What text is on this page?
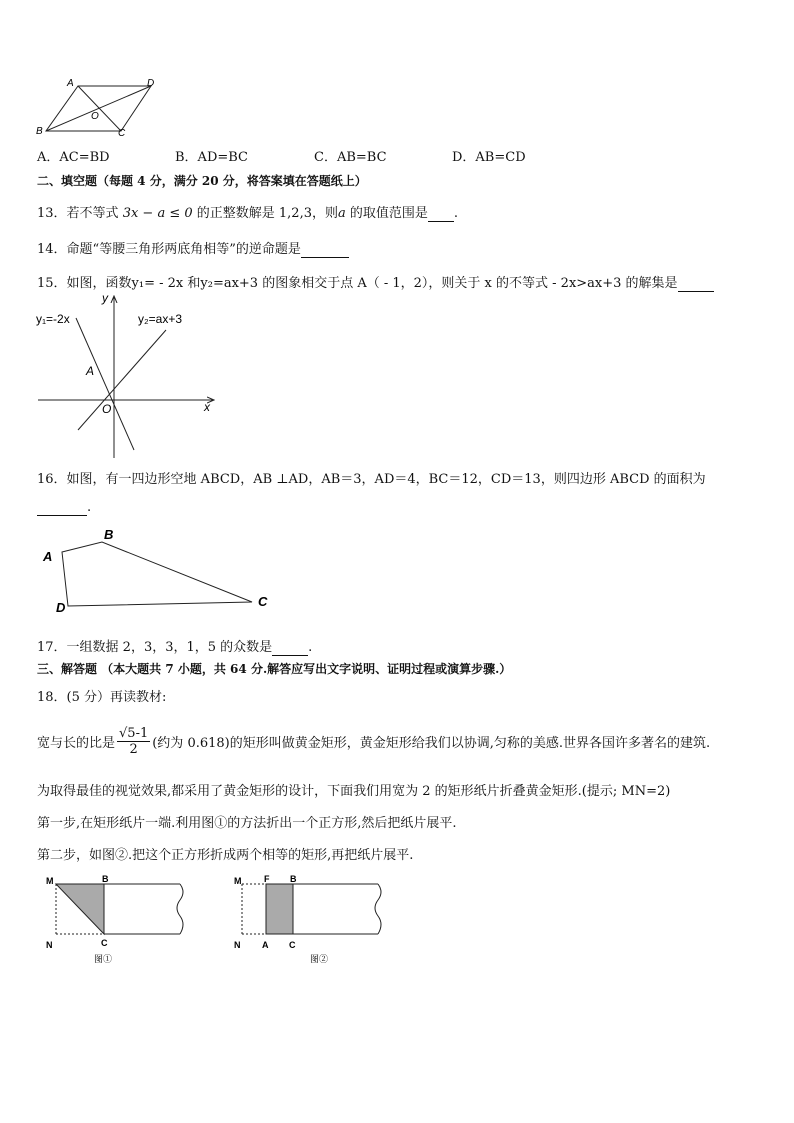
A	D
B	C
O
A．AC=BD	B．AD=BC	C．AB=BC	D．AB=CD
二、填空题（每题 4 分，满分 20 分，将答案填在答题纸上）
13．若不等式 3x − a ≤ 0 的正整数解是 1,2,3，则a 的取值范围是 .
14．命题“等腰三角形两底角相等”的逆命题是
15．如图，函数y₁= - 2x 和y₂=ax+3 的图象相交于点 A（ - 1，2），则关于 x 的不等式 - 2x>ax+3 的解集是
y₁=-2x	y₂=ax+3
A
O	x
y
16．如图，有一四边形空地 ABCD，AB ⊥AD，AB＝3，AD＝4，BC＝12，CD＝13，则四边形 ABCD 的面积为
.
A
B
C
D
17．一组数据 2，3，3，1，5 的众数是	.
三、解答题 （本大题共 7 小题，共 64 分.解答应写出文字说明、证明过程或演算步骤.）
18．(5 分）再读教材:
宽与长的比是 $\frac{√5-1}{2}$ (约为 0.618)的矩形叫做黄金矩形，黄金矩形给我们以协调,匀称的美感.世界各国许多著名的建筑.
为取得最佳的视觉效果,都采用了黄金矩形的设计，下面我们用宽为 2 的矩形纸片折叠黄金矩形.(提示; MN=2)
第一步,在矩形纸片一端.利用图①的方法折出一个正方形,然后把纸片展平.
第二步，如图②.把这个正方形折成两个相等的矩形,再把纸片展平.
M	B
N	C
图①
M	F B
N A C
图②
